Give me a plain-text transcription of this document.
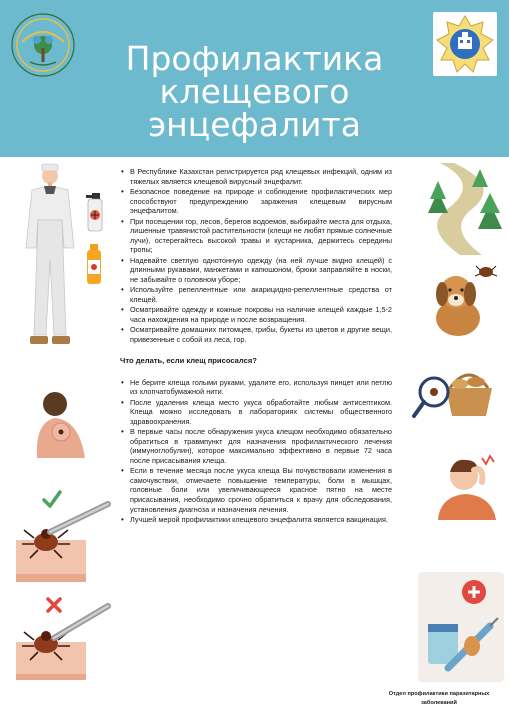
Профилактика
клещевого
энцефалита
• В Республике Казахстан регистрируется ряд клещевых инфекций, одним из тяжелых является клещевой вирусный энцефалит.
• Безопасное поведение на природе и соблюдение профилактических мер способствуют предупреждению заражения клещевым вирусным энцефалитом.
• При посещении гор, лесов, берегов водоемов, выбирайте места для отдыха, лишенные травянистой растительности (клещи не любят прямые солнечные лучи), остерегайтесь высокой травы и кустарника, держитесь середины тропы;
• Надевайте светлую однотонную одежду (на ней лучше видно клещей) с длинными рукавами, манжетами и капюшоном, брюки заправляйте в носки, не забывайте о головном уборе;
• Используйте репеллентные или акарицидно-репеллентные средства от клещей.
• Осматривайте одежду и кожные покровы на наличие клещей каждые 1,5-2 часа нахождения на природе и после возвращения.
• Осматривайте домашних питомцев, грибы, букеты из цветов и другие вещи, привезенные с собой из леса, гор.
Что делать, если клещ присосался?
• Не берите клеща голыми руками, удалите его, используя пинцет или петлю из хлопчатобумажной нити.
• После удаления клеща место укуса обработайте любым антисептиком. Клеща можно исследовать в лабораториях системы общественного здравоохранения.
• В первые часы после обнаружения укуса клещом необходимо обязательно обратиться в травмпункт для назначения профилактического лечения (иммуноглобулин), которое максимально эффективно в первые 72 часа после присасывания клеща.
• Если в течение месяца после укуса клеща Вы почувствовали изменения в самочувствии, отмечаете повышение температуры, боли в мышцах, головные боли или увеличивающееся красное пятно на месте присасывания, необходимо срочно обратиться к врачу для обследования, установления диагноза и назначения лечения.
• Лучшей мерой профилактики клещевого энцефалита является вакцинация.
Отдел профилактики паразитарных
заболеваний
